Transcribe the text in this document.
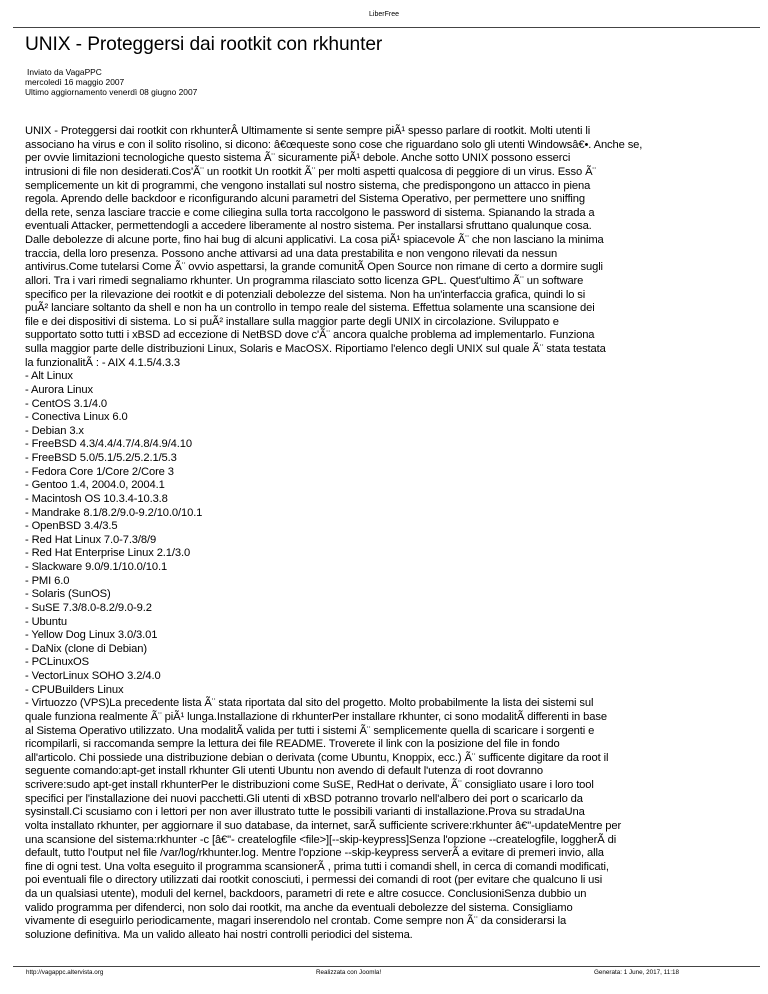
LiberFree
UNIX - Proteggersi dai rootkit con rkhunter
Inviato da VagaPPC
mercoledì 16 maggio 2007
Ultimo aggiornamento venerdì 08 giugno 2007

UNIX - Proteggersi dai rootkit con rkhunterÂ Ultimamente si sente sempre piÃ¹ spesso parlare di rootkit. Molti utenti li
associano ha virus e con il solito risolino, si dicono: â€œqueste sono cose che riguardano solo gli utenti Windowsâ€•. Anche se,
per ovvie limitazioni tecnologiche questo sistema Ã¨ sicuramente piÃ¹ debole. Anche sotto UNIX possono esserci
intrusioni di file non desiderati.Cos'Ã¨ un rootkit Un rootkit Ã¨ per molti aspetti qualcosa di peggiore di un virus. Esso Ã¨
semplicemente un kit di programmi, che vengono installati sul nostro sistema, che predispongono un attacco in piena
regola. Aprendo delle backdoor e riconfigurando alcuni parametri del Sistema Operativo, per permettere uno sniffing
della rete, senza lasciare traccie e come ciliegina sulla torta raccolgono le password di sistema. Spianando la strada a
eventuali Attacker, permettendogli a accedere liberamente al nostro sistema. Per installarsi sfruttano qualunque cosa.
Dalle debolezze di alcune porte, fino hai bug di alcuni applicativi. La cosa piÃ¹ spiacevole Ã¨ che non lasciano la minima
traccia, della loro presenza. Possono anche attivarsi ad una data prestabilita e non vengono rilevati da nessun
antivirus.Come tutelarsi Come Ã¨ ovvio aspettarsi, la grande comunitÃ Open Source non rimane di certo a dormire sugli
allori. Tra i vari rimedi segnaliamo rkhunter. Un programma rilasciato sotto licenza GPL. Quest'ultimo Ã¨ un software
specifico per la rilevazione dei rootkit e di potenziali debolezze del sistema. Non ha un'interfaccia grafica, quindi lo si
puÃ² lanciare soltanto da shell e non ha un controllo in tempo reale del sistema. Effettua solamente una scansione dei
file e dei dispositivi di sistema. Lo si puÃ² installare sulla maggior parte degli UNIX in circolazione. Sviluppato e
supportato sotto tutti i xBSD ad eccezione di NetBSD dove c'Ã¨ ancora qualche problema ad implementarlo. Funziona
sulla maggior parte delle distribuzioni Linux, Solaris e MacOSX. Riportiamo l'elenco degli UNIX sul quale Ã¨ stata testata
la funzionalitÃ : - AIX 4.1.5/4.3.3
- Alt Linux
- Aurora Linux
- CentOS 3.1/4.0
- Conectiva Linux 6.0
- Debian 3.x
- FreeBSD 4.3/4.4/4.7/4.8/4.9/4.10
- FreeBSD 5.0/5.1/5.2/5.2.1/5.3
- Fedora Core 1/Core 2/Core 3
- Gentoo 1.4, 2004.0, 2004.1
- Macintosh OS 10.3.4-10.3.8
- Mandrake 8.1/8.2/9.0-9.2/10.0/10.1
- OpenBSD 3.4/3.5
- Red Hat Linux 7.0-7.3/8/9
- Red Hat Enterprise Linux 2.1/3.0
- Slackware 9.0/9.1/10.0/10.1
- PMI 6.0
- Solaris (SunOS)
- SuSE 7.3/8.0-8.2/9.0-9.2
- Ubuntu
- Yellow Dog Linux 3.0/3.01
- DaNix (clone di Debian)
- PCLinuxOS
- VectorLinux SOHO 3.2/4.0
- CPUBuilders Linux
- Virtuozzo (VPS)La precedente lista Ã¨ stata riportata dal sito del progetto. Molto probabilmente la lista dei sistemi sul
quale funziona realmente Ã¨ piÃ¹ lunga.Installazione di rkhunterPer installare rkhunter, ci sono modalitÃ differenti in base
al Sistema Operativo utilizzato. Una modalitÃ valida per tutti i sistemi Ã¨ semplicemente quella di scaricare i sorgenti e
ricompilarli, si raccomanda sempre la lettura dei file README. Troverete il link con la posizione del file in fondo
all'articolo. Chi possiede una distribuzione debian o derivata (come Ubuntu, Knoppix, ecc.) Ã¨ sufficente digitare da root il
seguente comando:apt-get install rkhunter Gli utenti Ubuntu non avendo di default l'utenza di root dovranno
scrivere:sudo apt-get install rkhunterPer le distribuzioni come SuSE, RedHat o derivate, Ã¨ consigliato usare i loro tool
specifici per l'installazione dei nuovi pacchetti.Gli utenti di xBSD potranno trovarlo nell'albero dei port o scaricarlo da
sysinstall.Ci scusiamo con i lettori per non aver illustrato tutte le possibili varianti di installazione.Prova su stradaUna
volta installato rkhunter, per aggiornare il suo database, da internet, sarÃ sufficiente scrivere:rkhunter â€"-updateMentre per
una scansione del sistema:rkhunter -c [â€"- createlogfile <file>][--skip-keypress]Senza l'opzione --createlogfile, loggherÃ di
default, tutto l'output nel file /var/log/rkhunter.log. Mentre l'opzione --skip-keypress serverÃ a evitare di premeri invio, alla
fine di ogni test. Una volta eseguito il programma scansionerÃ , prima tutti i comandi shell, in cerca di comandi modificati,
poi eventuali file o directory utilizzati dai rootkit conosciuti, i permessi dei comandi di root (per evitare che qualcuno li usi
da un qualsiasi utente), moduli del kernel, backdoors, parametri di rete e altre cosucce. ConclusioniSenza dubbio un
valido programma per difenderci, non solo dai rootkit, ma anche da eventuali debolezze del sistema. Consigliamo
vivamente di eseguirlo periodicamente, magari inserendolo nel crontab. Come sempre non Ã¨ da considerarsi la
soluzione definitiva. Ma un valido alleato hai nostri controlli periodici del sistema.

http://vagappc.altervista.org	Realizzata con Joomla!	Generata: 1 June, 2017, 11:18
